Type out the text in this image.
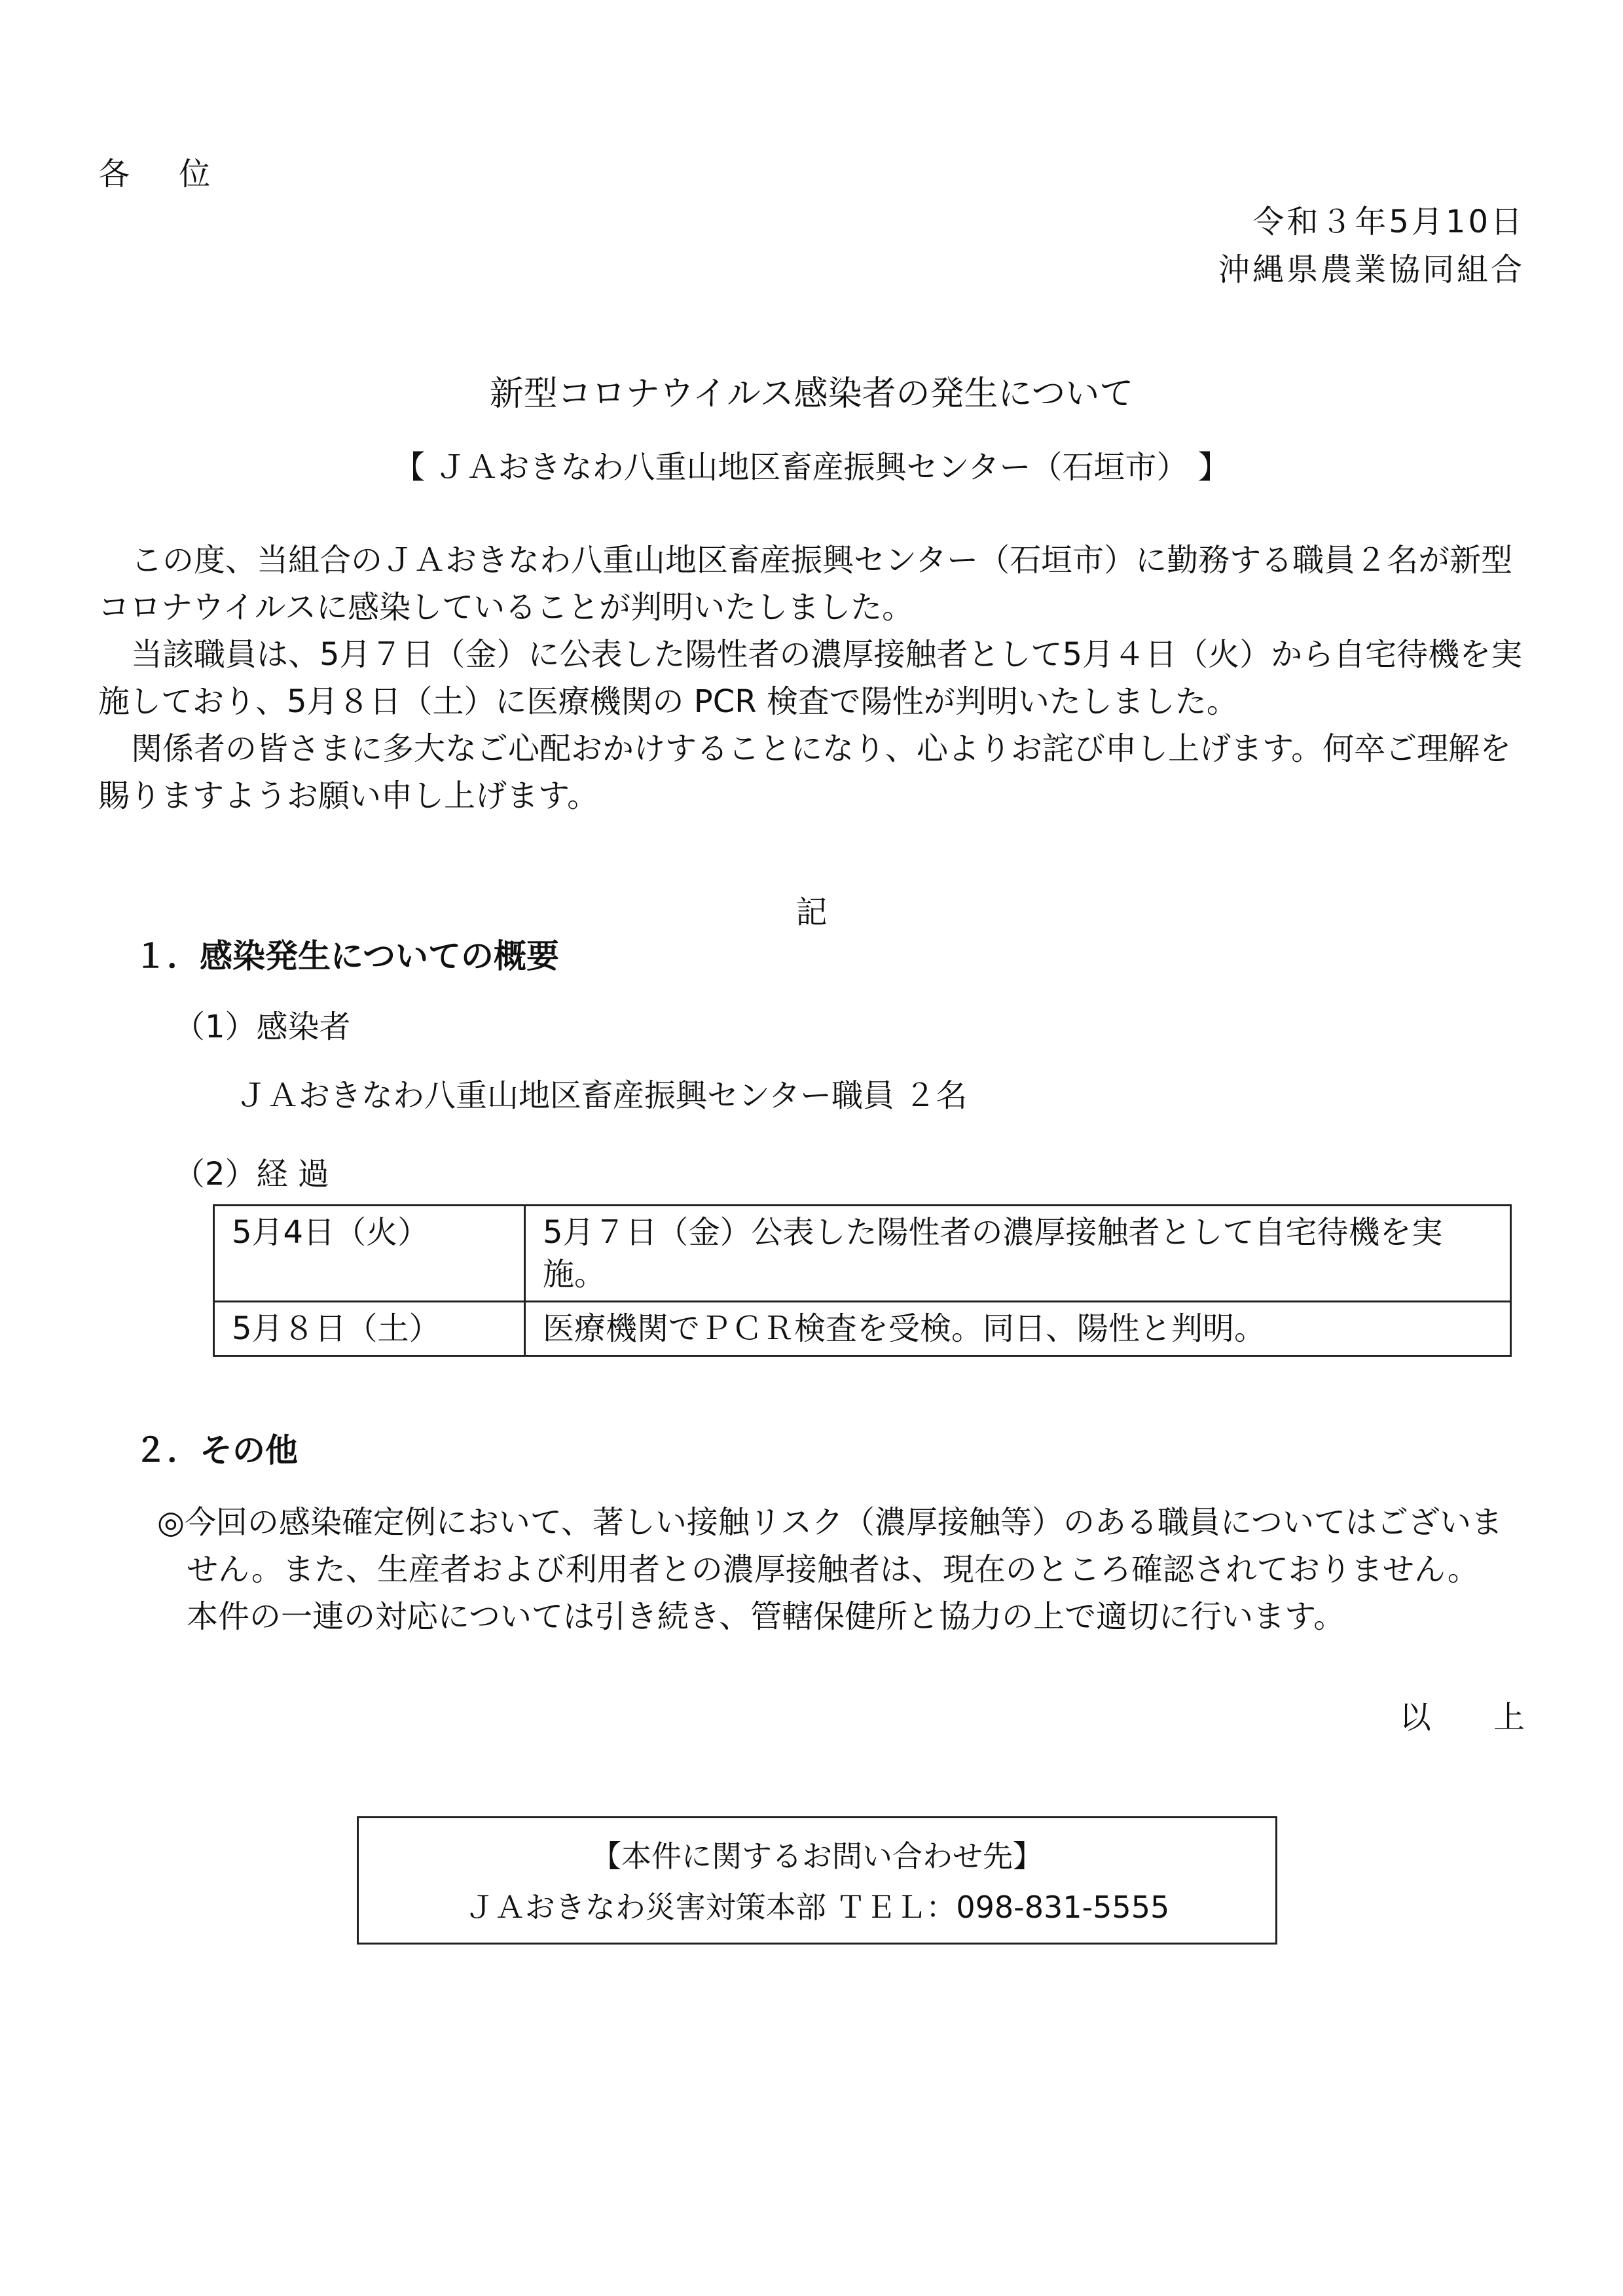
各 位
令和３年5月10日
沖縄県農業協同組合
新型コロナウイルス感染者の発生について
【 ＪＡおきなわ八重山地区畜産振興センター（石垣市） 】

この度、当組合のＪＡおきなわ八重山地区畜産振興センター（石垣市）に勤務する職員２名が新型コロナウイルスに感染していることが判明いたしました。

当該職員は、5月７日（金）に公表した陽性者の濃厚接触者として5月４日（火）から自宅待機を実施しており、5月８日（土）に医療機関の PCR 検査で陽性が判明いたしました。

関係者の皆さまに多大なご心配おかけすることになり、心よりお詫び申し上げます。何卒ご理解を賜りますようお願い申し上げます。

記
１．感染発生についての概要
（1）感染者
ＪＡおきなわ八重山地区畜産振興センター職員 ２名
（2）経 過
5月4日（火）	5月７日（金）公表した陽性者の濃厚接触者として自宅待機を実施。
5月８日（土）	医療機関でＰＣＲ検査を受検。同日、陽性と判明。
２．その他
◎今回の感染確定例において、著しい接触リスク（濃厚接触等）のある職員についてはございません。また、生産者および利用者との濃厚接触者は、現在のところ確認されておりません。
本件の一連の対応については引き続き、管轄保健所と協力の上で適切に行います。
以 上
【本件に関するお問い合わせ先】
ＪＡおきなわ災害対策本部 ＴＥＬ：098-831-5555
